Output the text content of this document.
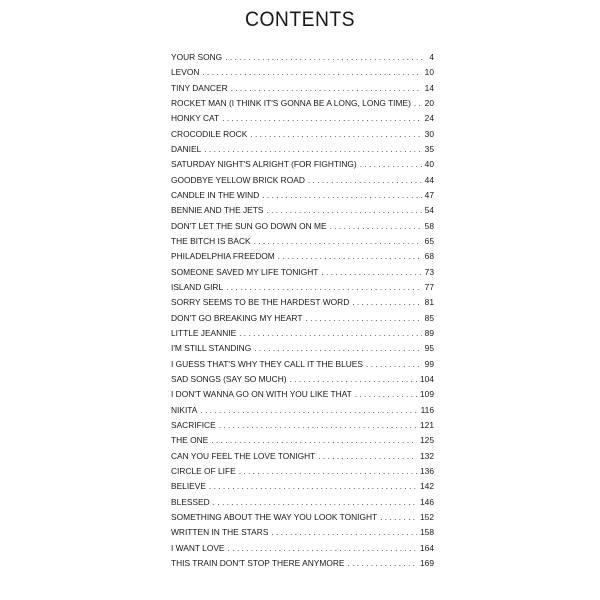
CONTENTS
YOUR SONG . . .	4
LEVON . . .	10
TINY DANCER . . .	14
ROCKET MAN (I THINK IT'S GONNA BE A LONG, LONG TIME) . . .	20
HONKY CAT . . .	24
CROCODILE ROCK . . .	30
DANIEL . . .	35
SATURDAY NIGHT'S ALRIGHT (FOR FIGHTING) . . .	40
GOODBYE YELLOW BRICK ROAD . . .	44
CANDLE IN THE WIND . . .	47
BENNIE AND THE JETS . . .	54
DON'T LET THE SUN GO DOWN ON ME . . .	58
THE BITCH IS BACK . . .	65
PHILADELPHIA FREEDOM . . .	68
SOMEONE SAVED MY LIFE TONIGHT . . .	73
ISLAND GIRL . . .	77
SORRY SEEMS TO BE THE HARDEST WORD . . .	81
DON'T GO BREAKING MY HEART . . .	85
LITTLE JEANNIE . . .	89
I'M STILL STANDING . . .	95
I GUESS THAT'S WHY THEY CALL IT THE BLUES . . .	99
SAD SONGS (SAY SO MUCH) . . .	104
I DON'T WANNA GO ON WITH YOU LIKE THAT . . .	109
NIKITA . . .	116
SACRIFICE . . .	121
THE ONE . . .	125
CAN YOU FEEL THE LOVE TONIGHT . . .	132
CIRCLE OF LIFE . . .	136
BELIEVE . . .	142
BLESSED . . .	146
SOMETHING ABOUT THE WAY YOU LOOK TONIGHT . . .	152
WRITTEN IN THE STARS . . .	158
I WANT LOVE . . .	164
THIS TRAIN DON'T STOP THERE ANYMORE . . .	169
